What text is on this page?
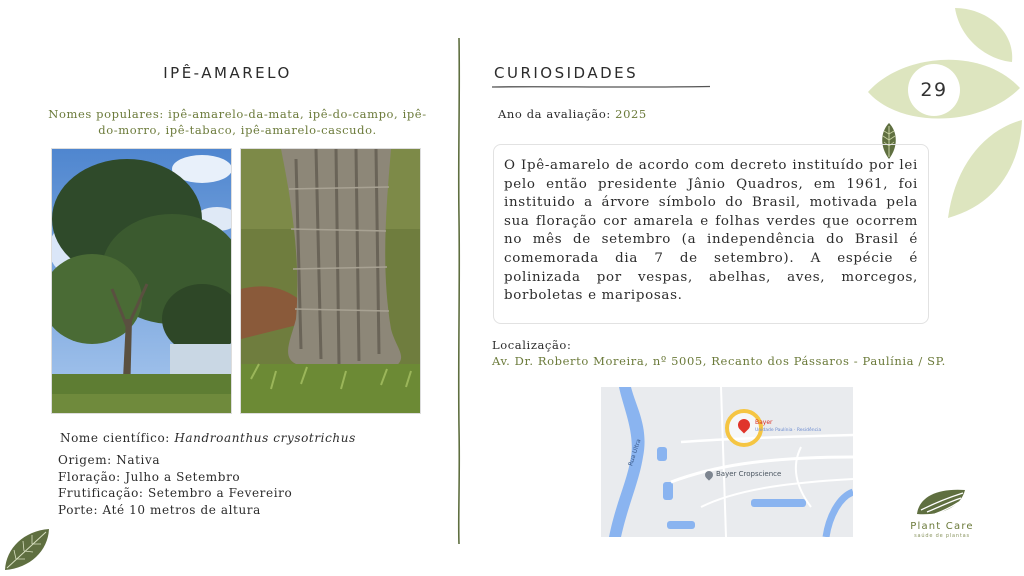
29
IPÊ-AMARELO
Nomes populares: ipê-amarelo-da-mata, ipê-do-campo, ipê-do-morro, ipê-tabaco, ipê-amarelo-cascudo.
Nome científico: Handroanthus crysotrichus
Origem: Nativa
Floração: Julho a Setembro
Frutificação: Setembro a Fevereiro
Porte: Até 10 metros de altura
CURIOSIDADES
Ano da avaliação: 2025

O Ipê-amarelo de acordo com decreto instituído por lei pelo então presidente Jânio Quadros, em 1961, foi instituido a árvore símbolo do Brasil, motivada pela sua floração cor amarela e folhas verdes que ocorrem no mês de setembro (a independência do Brasil é comemorada dia 7 de setembro). A espécie é polinizada por vespas, abelhas, aves, morcegos, borboletas e mariposas.

Localização:
Av. Dr. Roberto Moreira, nº 5005, Recanto dos Pássaros - Paulínia / SP.
Rua Ultra
Bayer
Unidade Paulínia · Residência
Bayer Cropscience
Plant Care
saúde de plantas
